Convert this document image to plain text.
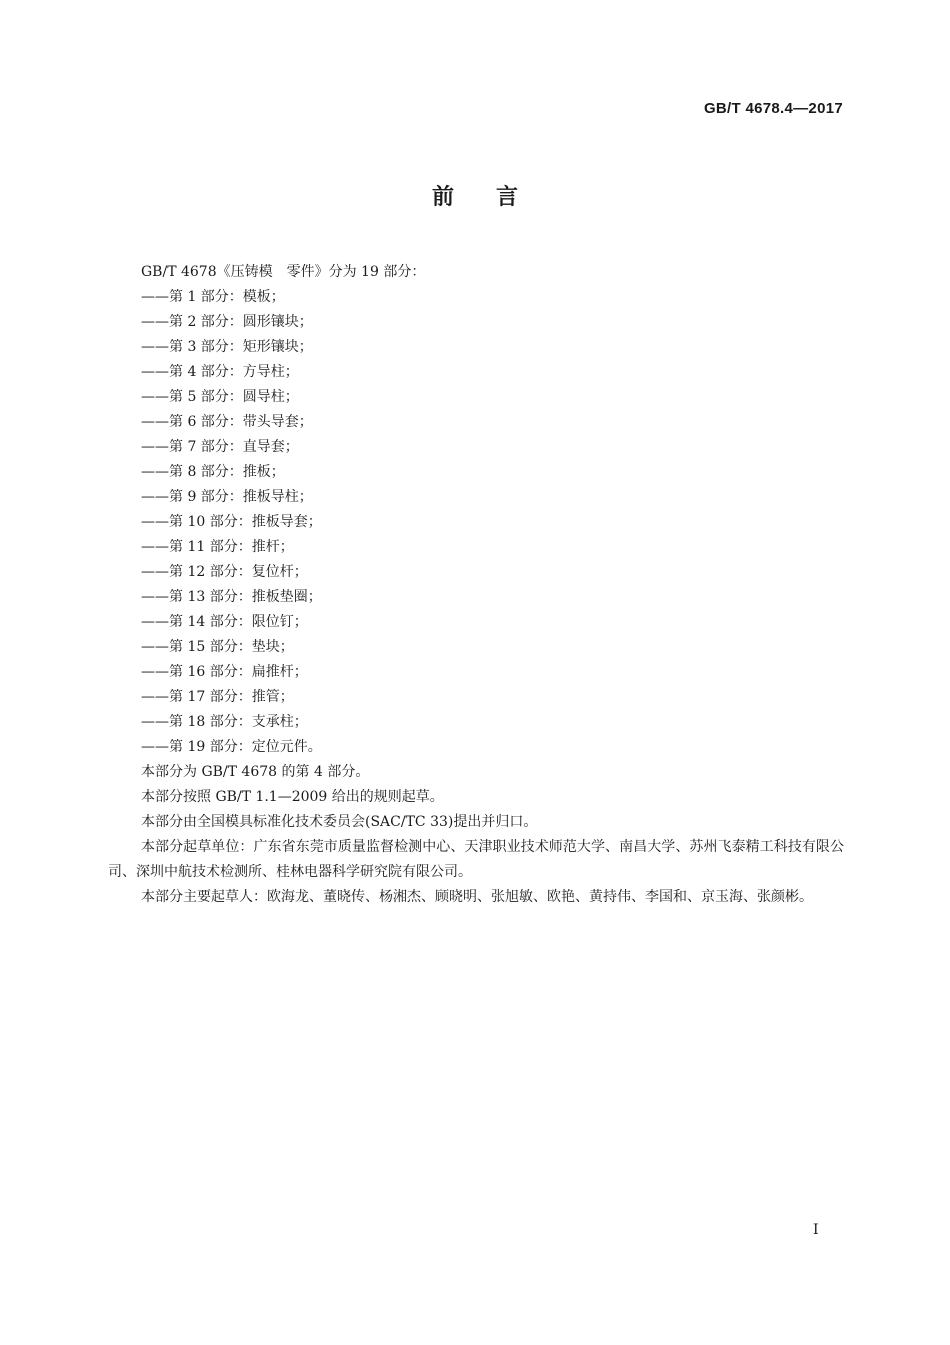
GB/T 4678.4—2017
前言

GB/T 4678《压铸模　零件》分为 19 部分：

——第 1 部分：模板；
——第 2 部分：圆形镶块；
——第 3 部分：矩形镶块；
——第 4 部分：方导柱；
——第 5 部分：圆导柱；
——第 6 部分：带头导套；
——第 7 部分：直导套；
——第 8 部分：推板；
——第 9 部分：推板导柱；
——第 10 部分：推板导套；
——第 11 部分：推杆；
——第 12 部分：复位杆；
——第 13 部分：推板垫圈；
——第 14 部分：限位钉；
——第 15 部分：垫块；
——第 16 部分：扁推杆；
——第 17 部分：推管；
——第 18 部分：支承柱；
——第 19 部分：定位元件。

本部分为 GB/T 4678 的第 4 部分。

本部分按照 GB/T 1.1—2009 给出的规则起草。

本部分由全国模具标准化技术委员会(SAC/TC 33)提出并归口。

本部分起草单位：广东省东莞市质量监督检测中心、天津职业技术师范大学、南昌大学、苏州飞泰精工科技有限公司、深圳中航技术检测所、桂林电器科学研究院有限公司。

本部分主要起草人：欧海龙、董晓传、杨湘杰、顾晓明、张旭敏、欧艳、黄持伟、李国和、京玉海、张颜彬。

I
